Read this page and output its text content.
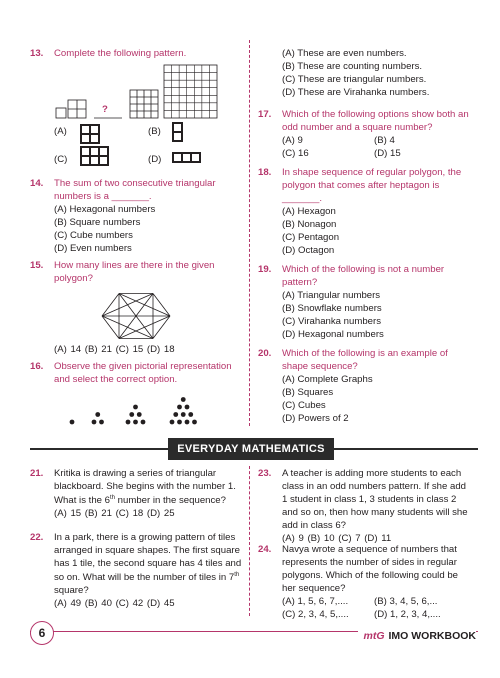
13.	Complete the following pattern.
?
(A)	(B)
(C)	(D)
14.	The sum of two consecutive triangular numbers is a _______.
(A) Hexagonal numbers
(B) Square numbers
(C) Cube numbers
(D) Even numbers
15.	How many lines are there in the given polygon?
(A) 14 (B) 21 (C) 15 (D) 18
16.	Observe the given pictorial representation and select the correct option.
(A) These are even numbers.
(B) These are counting numbers.
(C) These are triangular numbers.
(D) These are Virahanka numbers.
17.	Which of the following options show both an odd number and a square number?
(A) 9	(B) 4
(C) 16	(D) 15
18.	In shape sequence of regular polygon, the polygon that comes after heptagon is _______.
(A) Hexagon
(B) Nonagon
(C) Pentagon
(D) Octagon
19.	Which of the following is not a number pattern?
(A) Triangular numbers
(B) Snowflake numbers
(C) Virahanka numbers
(D) Hexagonal numbers
20.	Which of the following is an example of shape sequence?
(A) Complete Graphs
(B) Squares
(C) Cubes
(D) Powers of 2
EVERYDAY MATHEMATICS
21.	Kritika is drawing a series of triangular blackboard. She begins with the number 1. What is the 6th number in the sequence?
(A) 15 (B) 21 (C) 18 (D) 25
22.	In a park, there is a growing pattern of tiles arranged in square shapes. The first square has 1 tile, the second square has 4 tiles and so on. What will be the number of tiles in 7th square?
(A) 49 (B) 40 (C) 42 (D) 45
23.	A teacher is adding more students to each class in an odd numbers pattern. If she add 1 student in class 1, 3 students in class 2 and so on, then how many students will she add in class 6?
(A) 9 (B) 10 (C) 7 (D) 11
24.	Navya wrote a sequence of numbers that represents the number of sides in regular polygons. Which of the following could be her sequence?
(A) 1, 5, 6, 7,....	(B) 3, 4, 5, 6,...
(C) 2, 3, 4, 5,....	(D) 1, 2, 3, 4,....
6	mtG IMO WORKBOOK
